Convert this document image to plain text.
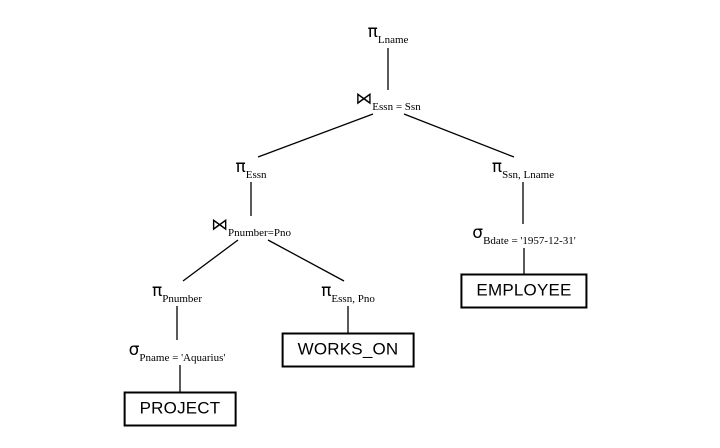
$\pi_{Lname}$
$⋈_{Essn = Ssn}$
$\pi_{Essn}$	$\pi_{Ssn, Lname}$
$⋈_{Pnumber=Pno}$	$\sigma_{Bdate = '1957-12-31'}$
$\pi_{Pnumber}$	$\pi_{Essn, Pno}$
$\sigma_{Pname = 'Aquarius'}$
EMPLOYEE
WORKS_ON
PROJECT
